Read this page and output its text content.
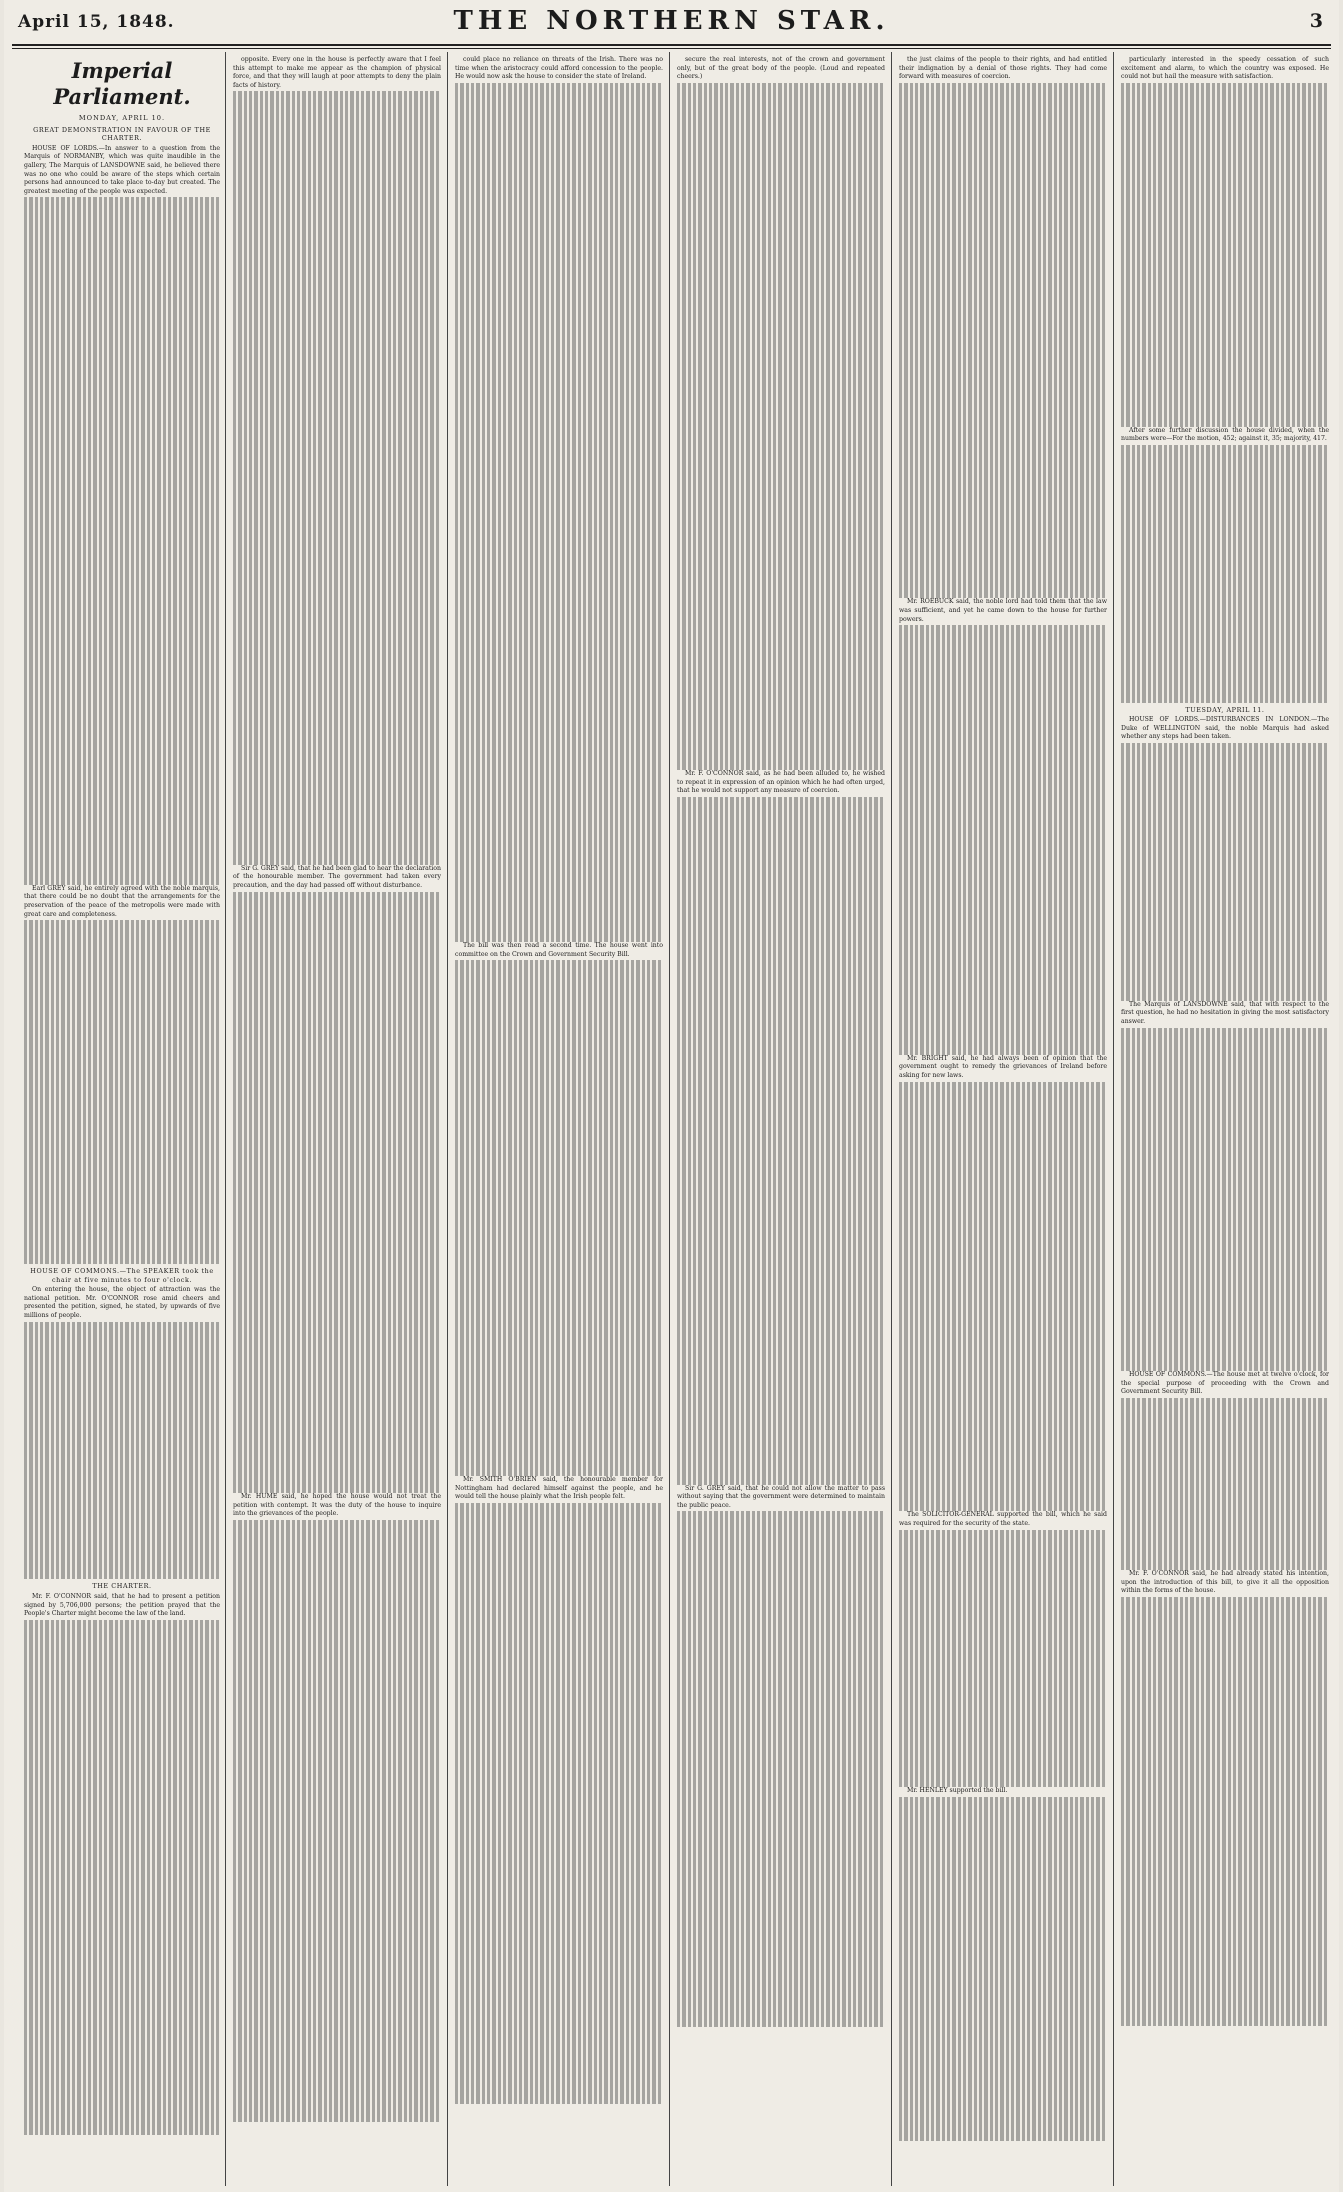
April 15, 1848.	THE NORTHERN STAR.	3
Imperial Parliament.
MONDAY, APRIL 10.
GREAT DEMONSTRATION IN FAVOUR OF THE CHARTER.

HOUSE OF LORDS.—In answer to a question from the Marquis of NORMANBY, which was quite inaudible in the gallery, The Marquis of LANSDOWNE said, he believed there was no one who could be aware of the steps which certain persons had announced to take place to-day but created. The greatest meeting of the people was expected.

Earl GREY said, he entirely agreed with the noble marquis, that there could be no doubt that the arrangements for the preservation of the peace of the metropolis were made with great care and completeness.

HOUSE OF COMMONS.—The SPEAKER took the chair at five minutes to four o'clock.

On entering the house, the object of attraction was the national petition. Mr. O'CONNOR rose amid cheers and presented the petition, signed, he stated, by upwards of five millions of people.

THE CHARTER.

Mr. F. O'CONNOR said, that he had to present a petition signed by 5,706,000 persons; the petition prayed that the People's Charter might become the law of the land.

opposite. Every one in the house is perfectly aware that I feel this attempt to make me appear as the champion of physical force, and that they will laugh at poor attempts to deny the plain facts of history.

Sir G. GREY said, that he had been glad to hear the declaration of the honourable member. The government had taken every precaution, and the day had passed off without disturbance.

Mr. HUME said, he hoped the house would not treat the petition with contempt. It was the duty of the house to inquire into the grievances of the people.

could place no reliance on threats of the Irish. There was no time when the aristocracy could afford concession to the people. He would now ask the house to consider the state of Ireland.

The bill was then read a second time. The house went into committee on the Crown and Government Security Bill.

Mr. SMITH O'BRIEN said, the honourable member for Nottingham had declared himself against the people, and he would tell the house plainly what the Irish people felt.

secure the real interests, not of the crown and government only, but of the great body of the people. (Loud and repeated cheers.)

Mr. F. O'CONNOR said, as he had been alluded to, he wished to repeat it in expression of an opinion which he had often urged, that he would not support any measure of coercion.

Sir G. GREY said, that he could not allow the matter to pass without saying that the government were determined to maintain the public peace.

the just claims of the people to their rights, and had entitled their indignation by a denial of those rights. They had come forward with measures of coercion.

Mr. ROEBUCK said, the noble lord had told them that the law was sufficient, and yet he came down to the house for further powers.

Mr. BRIGHT said, he had always been of opinion that the government ought to remedy the grievances of Ireland before asking for new laws.

The SOLICITOR-GENERAL supported the bill, which he said was required for the security of the state.

Mr. HENLEY supported the bill.

particularly interested in the speedy cessation of such excitement and alarm, to which the country was exposed. He could not but hail the measure with satisfaction.

After some further discussion the house divided, when the numbers were—For the motion, 452; against it, 35; majority, 417.

TUESDAY, APRIL 11.

HOUSE OF LORDS.—DISTURBANCES IN LONDON.—The Duke of WELLINGTON said, the noble Marquis had asked whether any steps had been taken.

The Marquis of LANSDOWNE said, that with respect to the first question, he had no hesitation in giving the most satisfactory answer.

HOUSE OF COMMONS.—The house met at twelve o'clock, for the special purpose of proceeding with the Crown and Government Security Bill.

Mr. F. O'CONNOR said, he had already stated his intention, upon the introduction of this bill, to give it all the opposition within the forms of the house.
